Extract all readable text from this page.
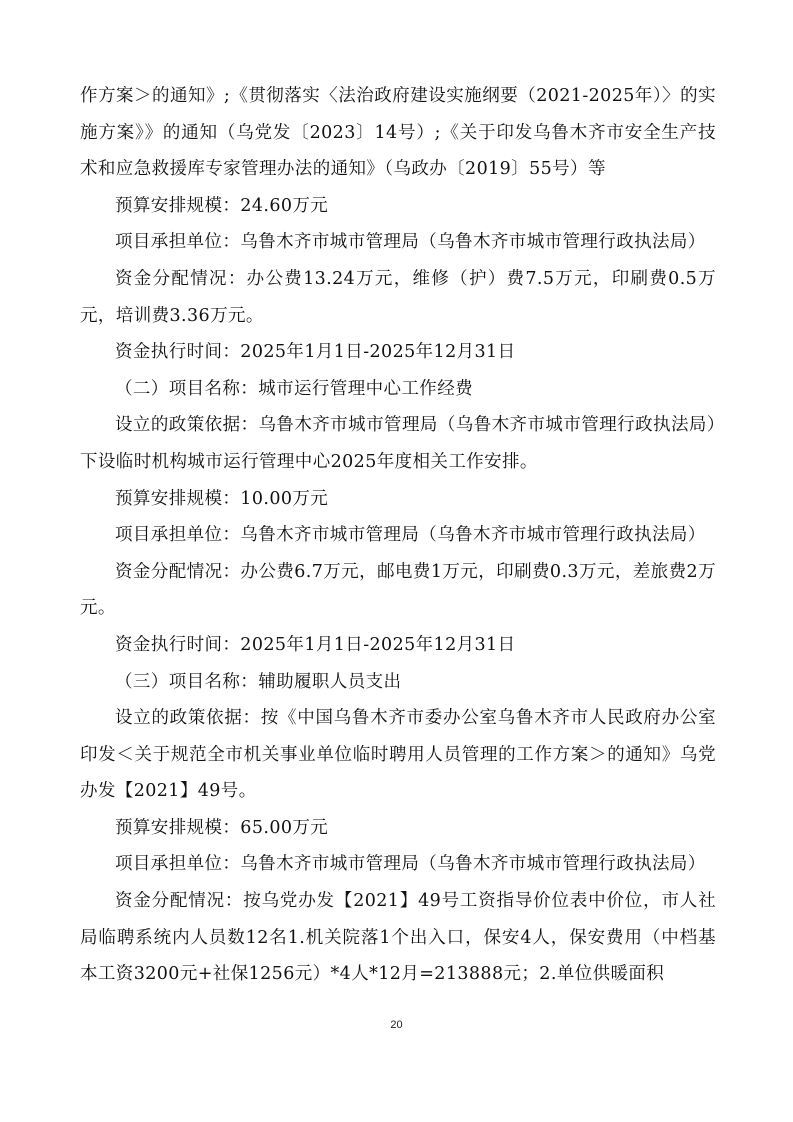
作方案＞的通知》;《贯彻落实〈法治政府建设实施纲要（2021-2025年）〉的实施方案》》的通知（乌党发〔2023〕14号）;《关于印发乌鲁木齐市安全生产技术和应急救援库专家管理办法的通知》（乌政办〔2019〕55号）等

预算安排规模：24.60万元

项目承担单位：乌鲁木齐市城市管理局（乌鲁木齐市城市管理行政执法局）

资金分配情况：办公费13.24万元，维修（护）费7.5万元，印刷费0.5万元，培训费3.36万元。

资金执行时间：2025年1月1日-2025年12月31日

（二）项目名称：城市运行管理中心工作经费

设立的政策依据：乌鲁木齐市城市管理局（乌鲁木齐市城市管理行政执法局）下设临时机构城市运行管理中心2025年度相关工作安排。

预算安排规模：10.00万元

项目承担单位：乌鲁木齐市城市管理局（乌鲁木齐市城市管理行政执法局）

资金分配情况：办公费6.7万元，邮电费1万元，印刷费0.3万元，差旅费2万元。

资金执行时间：2025年1月1日-2025年12月31日

（三）项目名称：辅助履职人员支出

设立的政策依据：按《中国乌鲁木齐市委办公室乌鲁木齐市人民政府办公室印发＜关于规范全市机关事业单位临时聘用人员管理的工作方案＞的通知》乌党办发【2021】49号。

预算安排规模：65.00万元

项目承担单位：乌鲁木齐市城市管理局（乌鲁木齐市城市管理行政执法局）

资金分配情况：按乌党办发【2021】49号工资指导价位表中价位，市人社局临聘系统内人员数12名1.机关院落1个出入口，保安4人，保安费用（中档基本工资3200元+社保1256元）*4人*12月=213888元；2.单位供暖面积

20
